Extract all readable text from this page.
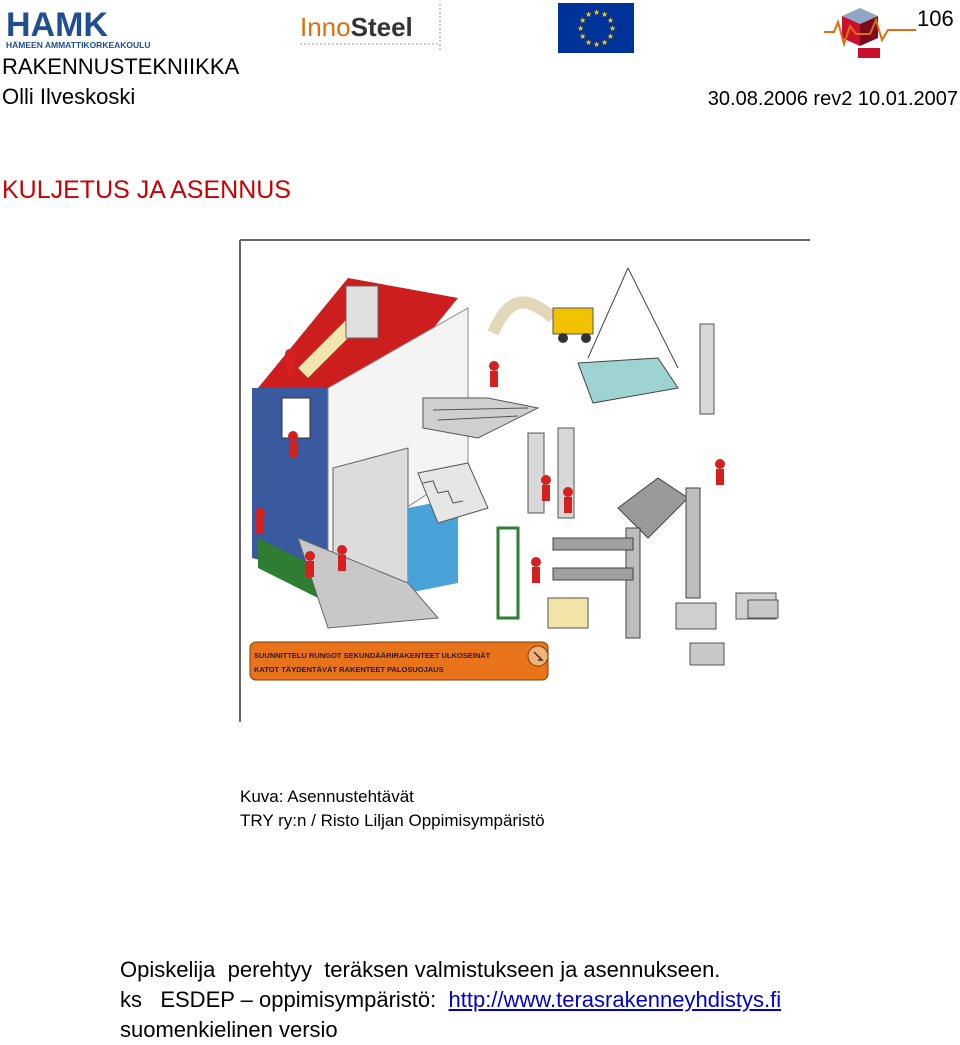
HAMK
HÄMEEN AMMATTIKORKEAKOULU
InnoSteel	★
★
★
★
★
★
★
★
★ ★ ★
★	106
RAKENNUSTEKNIIKKA
Olli Ilveskoski	30.08.2006 rev2 10.01.2007
KULJETUS JA ASENNUS
SUUNNITTELU RUNGOT SEKUNDÄÄRIRAKENTEET ULKOSEINÄT
KATOT TÄYDENTÄVÄT RAKENTEET PALOSUOJAUS
Kuva: Asennustehtävät
TRY ry:n / Risto Liljan Oppimisympäristö
Opiskelija  perehtyy  teräksen valmistukseen ja asennukseen.
ks   ESDEP – oppimisympäristö:  http://www.terasrakenneyhdistys.fi
suomenkielinen versio
